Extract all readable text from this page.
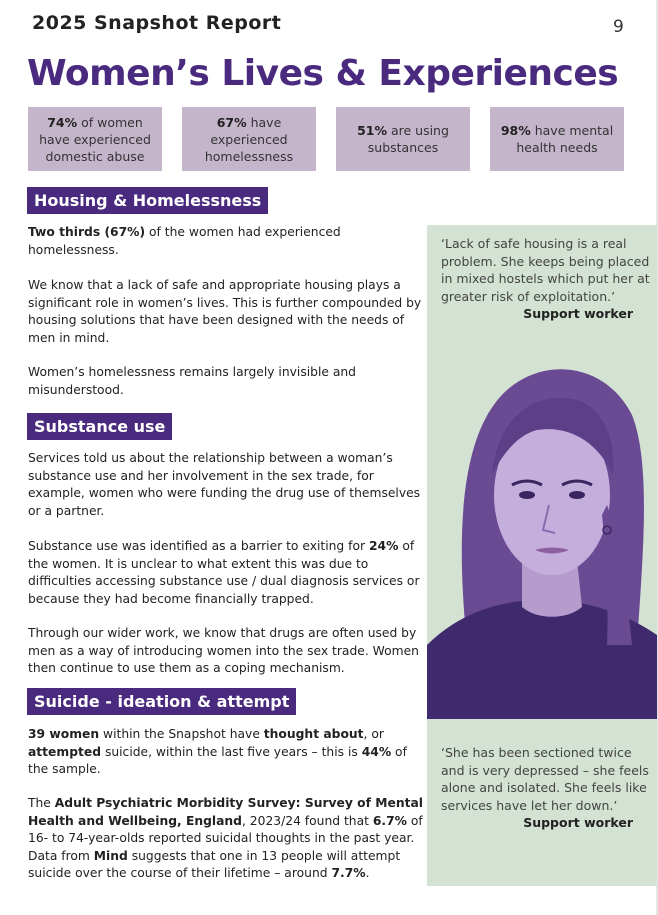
2025 Snapshot Report	9
Women’s Lives & Experiences
74% of women have experienced domestic abuse
67% have experienced homelessness
51% are using substances
98% have mental health needs
Housing & Homelessness
Two thirds (67%) of the women had experienced homelessness.
We know that a lack of safe and appropriate housing plays a significant role in women’s lives. This is further compounded by housing solutions that have been designed with the needs of men in mind.
Women’s homelessness remains largely invisible and misunderstood.
Substance use
Services told us about the relationship between a woman’s substance use and her involvement in the sex trade, for example, women who were funding the drug use of themselves or a partner.
Substance use was identified as a barrier to exiting for 24% of the women. It is unclear to what extent this was due to difficulties accessing substance use / dual diagnosis services or because they had become financially trapped.
Through our wider work, we know that drugs are often used by men as a way of introducing women into the sex trade. Women then continue to use them as a coping mechanism.
Suicide - ideation & attempt
39 women within the Snapshot have thought about, or attempted suicide, within the last five years – this is 44% of the sample.
The Adult Psychiatric Morbidity Survey: Survey of Mental Health and Wellbeing, England, 2023/24 found that 6.7% of 16- to 74-year-olds reported suicidal thoughts in the past year. Data from Mind suggests that one in 13 people will attempt suicide over the course of their lifetime – around 7.7%.
‘Lack of safe housing is a real problem. She keeps being placed in mixed hostels which put her at greater risk of exploitation.’
Support worker
‘She has been sectioned twice and is very depressed – she feels alone and isolated. She feels like services have let her down.’
Support worker
